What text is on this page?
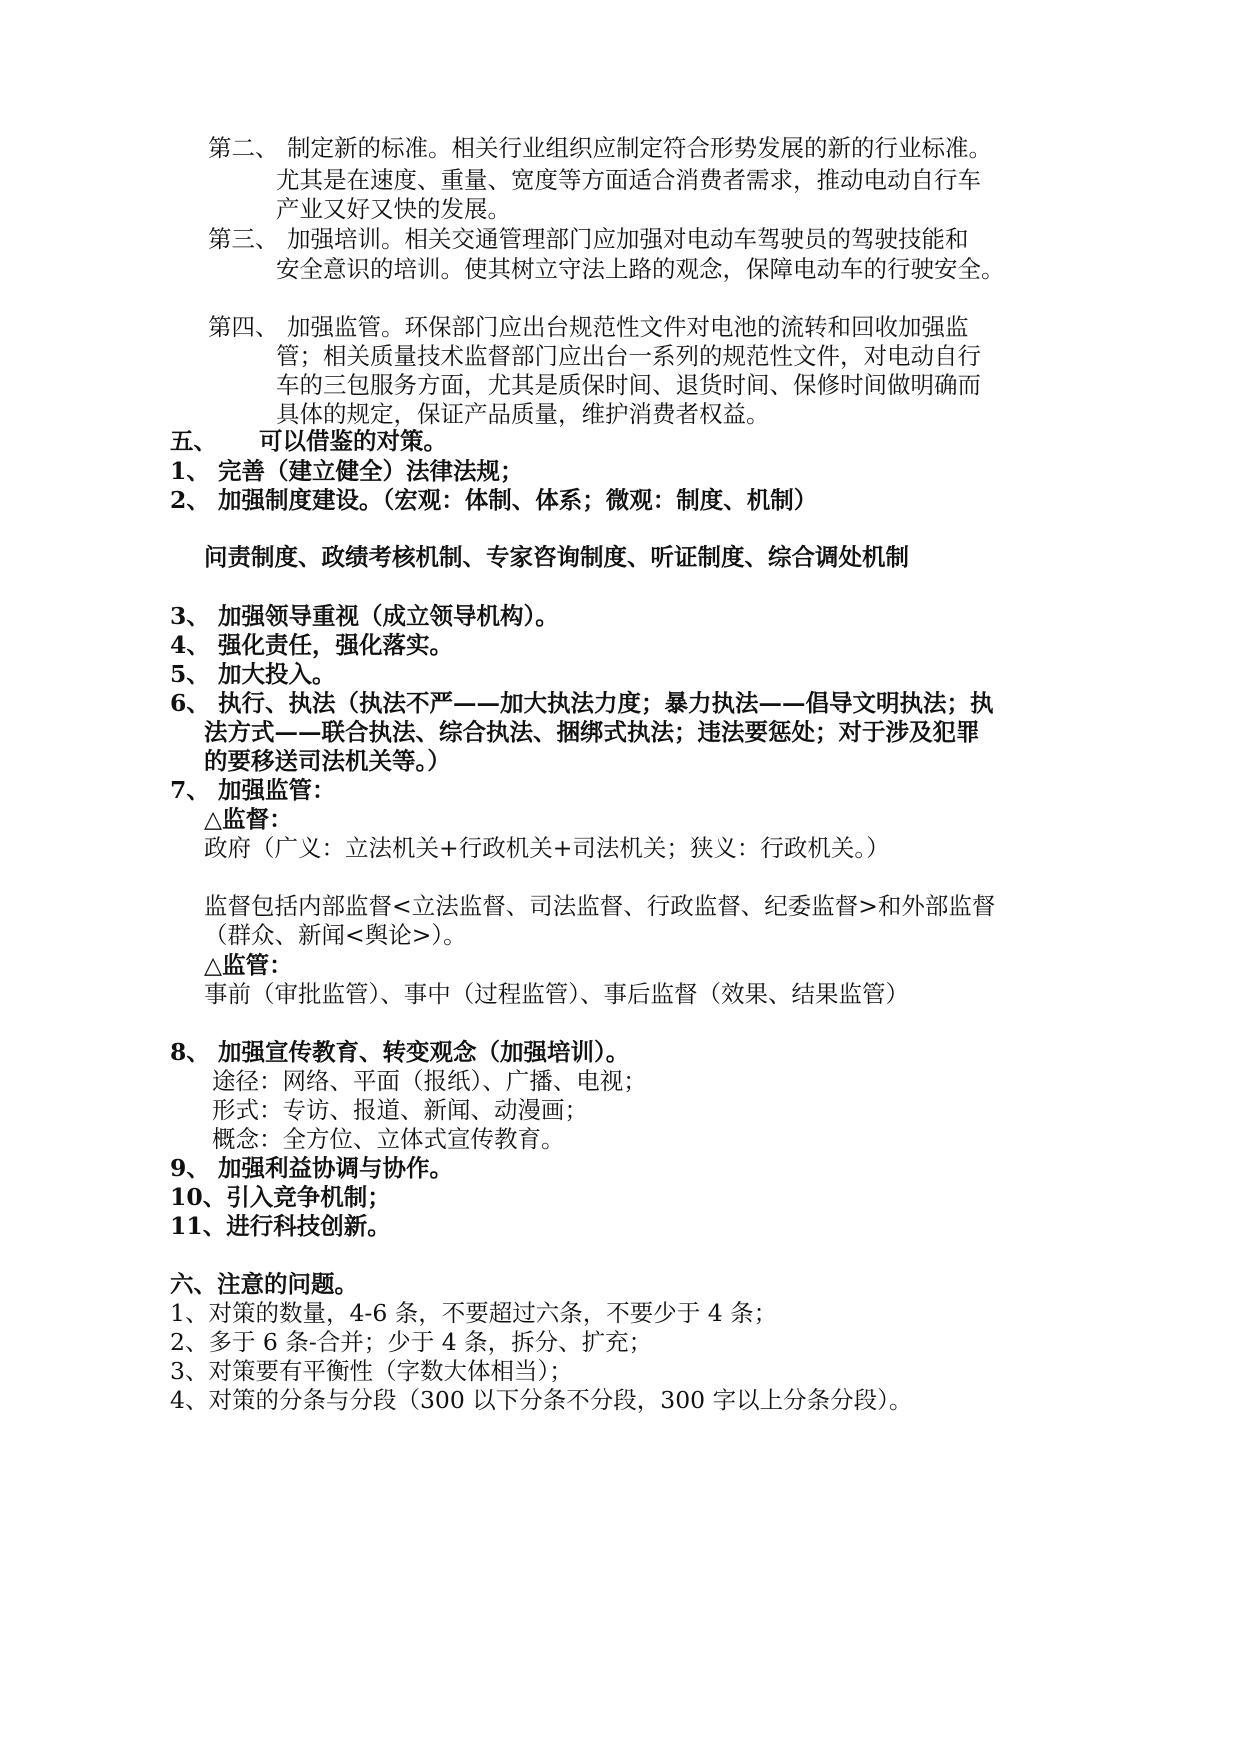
第二、 制定新的标准。相关行业组织应制定符合形势发展的新的行业标准。
尤其是在速度、重量、宽度等方面适合消费者需求，推动电动自行车
产业又好又快的发展。
第三、 加强培训。相关交通管理部门应加强对电动车驾驶员的驾驶技能和
安全意识的培训。使其树立守法上路的观念，保障电动车的行驶安全。
第四、 加强监管。环保部门应出台规范性文件对电池的流转和回收加强监
管；相关质量技术监督部门应出台一系列的规范性文件，对电动自行
车的三包服务方面，尤其是质保时间、退货时间、保修时间做明确而
具体的规定，保证产品质量，维护消费者权益。
五、 可以借鉴的对策。
1、 完善（建立健全）法律法规；
2、 加强制度建设。（宏观：体制、体系；微观：制度、机制）
问责制度、政绩考核机制、专家咨询制度、听证制度、综合调处机制
3、 加强领导重视（成立领导机构）。
4、 强化责任，强化落实。
5、 加大投入。
6、 执行、执法（执法不严——加大执法力度；暴力执法——倡导文明执法；执
法方式——联合执法、综合执法、捆绑式执法；违法要惩处；对于涉及犯罪
的要移送司法机关等。）
7、 加强监管：
△监督：
政府（广义：立法机关+行政机关+司法机关；狭义：行政机关。）
监督包括内部监督<立法监督、司法监督、行政监督、纪委监督>和外部监督
（群众、新闻<舆论>）。
△监管：
事前（审批监管）、事中（过程监管）、事后监督（效果、结果监管）
8、 加强宣传教育、转变观念（加强培训）。
途径：网络、平面（报纸）、广播、电视；
形式：专访、报道、新闻、动漫画；
概念：全方位、立体式宣传教育。
9、 加强利益协调与协作。
10、引入竞争机制；
11、进行科技创新。
六、注意的问题。
1、对策的数量，4-6 条，不要超过六条，不要少于 4 条；
2、多于 6 条-合并；少于 4 条，拆分、扩充；
3、对策要有平衡性（字数大体相当）；
4、对策的分条与分段（300 以下分条不分段，300 字以上分条分段）。
